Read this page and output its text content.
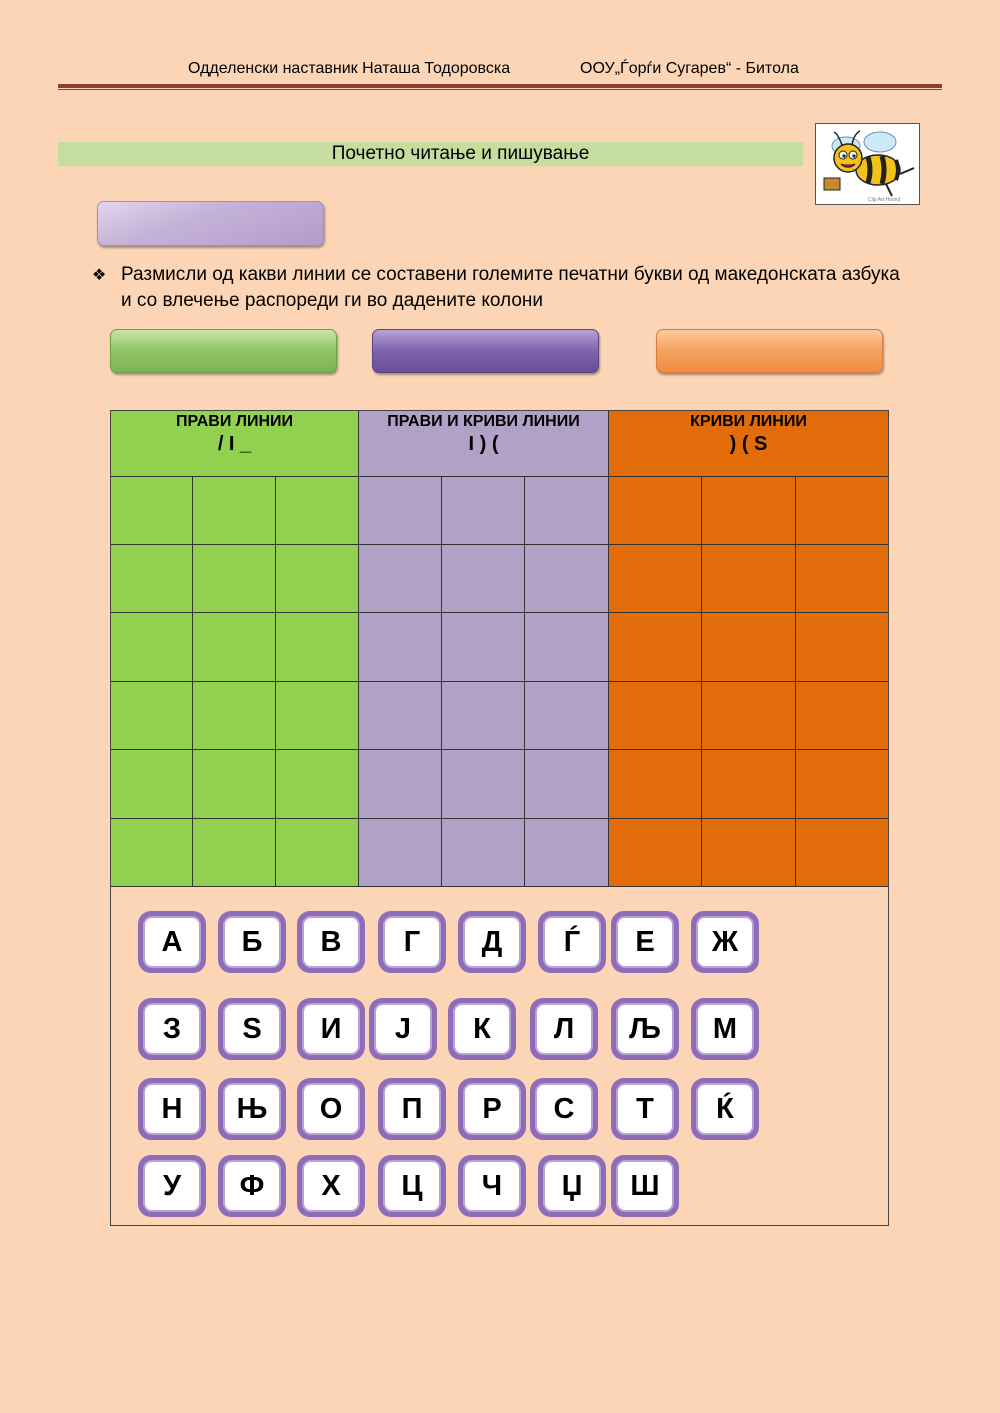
Одделенски наставник Наташа Тодоровска	ООУ„Ѓорѓи Сугарев“ - Битола
Почетно читање и пишување
Clip Art Hound
❖ Размисли од какви линии се составени големите печатни букви од македонската азбука и со влечење распореди ги во дадените колони
ПРАВИ ЛИНИИ
/ I _
ПРАВИ И КРИВИ ЛИНИИ
I ) (
КРИВИ ЛИНИИ
) ( S
А	Б	В	Г	Д	Ѓ	Е	Ж
З	Ѕ	И	Ј	К	Л	Љ	М
Н	Њ	О	П	Р	С	Т	Ќ
У	Ф	Х	Ц	Ч	Џ	Ш
